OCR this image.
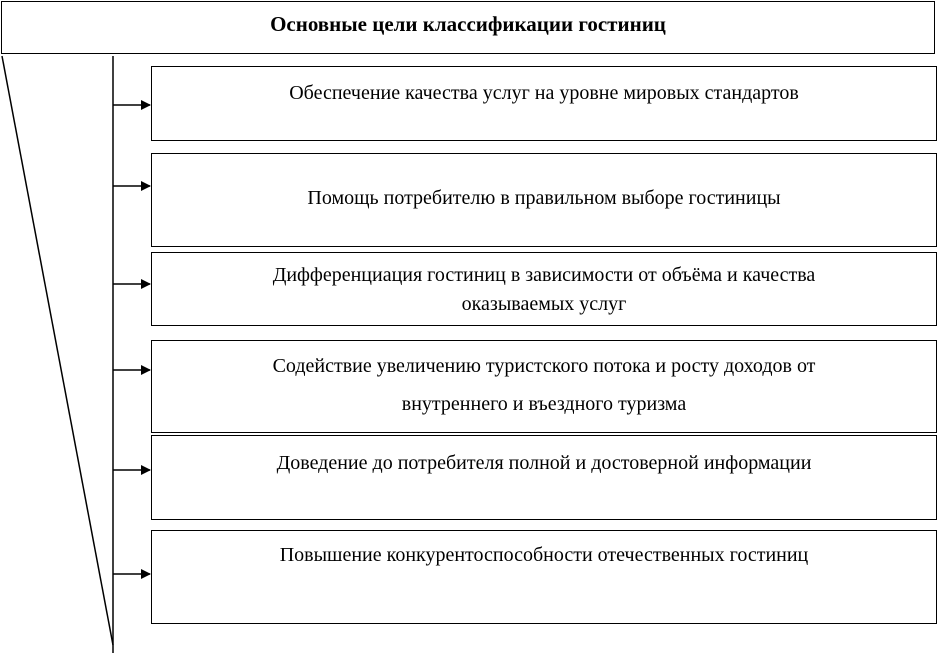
Основные цели классификации гостиниц
Обеспечение качества услуг на уровне мировых стандартов
Помощь потребителю в правильном выборе гостиницы
Дифференциация гостиниц в зависимости от объёма и качества
оказываемых услуг
Содействие увеличению туристского потока и росту доходов от
внутреннего и въездного туризма
Доведение до потребителя полной и достоверной информации
Повышение конкурентоспособности отечественных гостиниц
